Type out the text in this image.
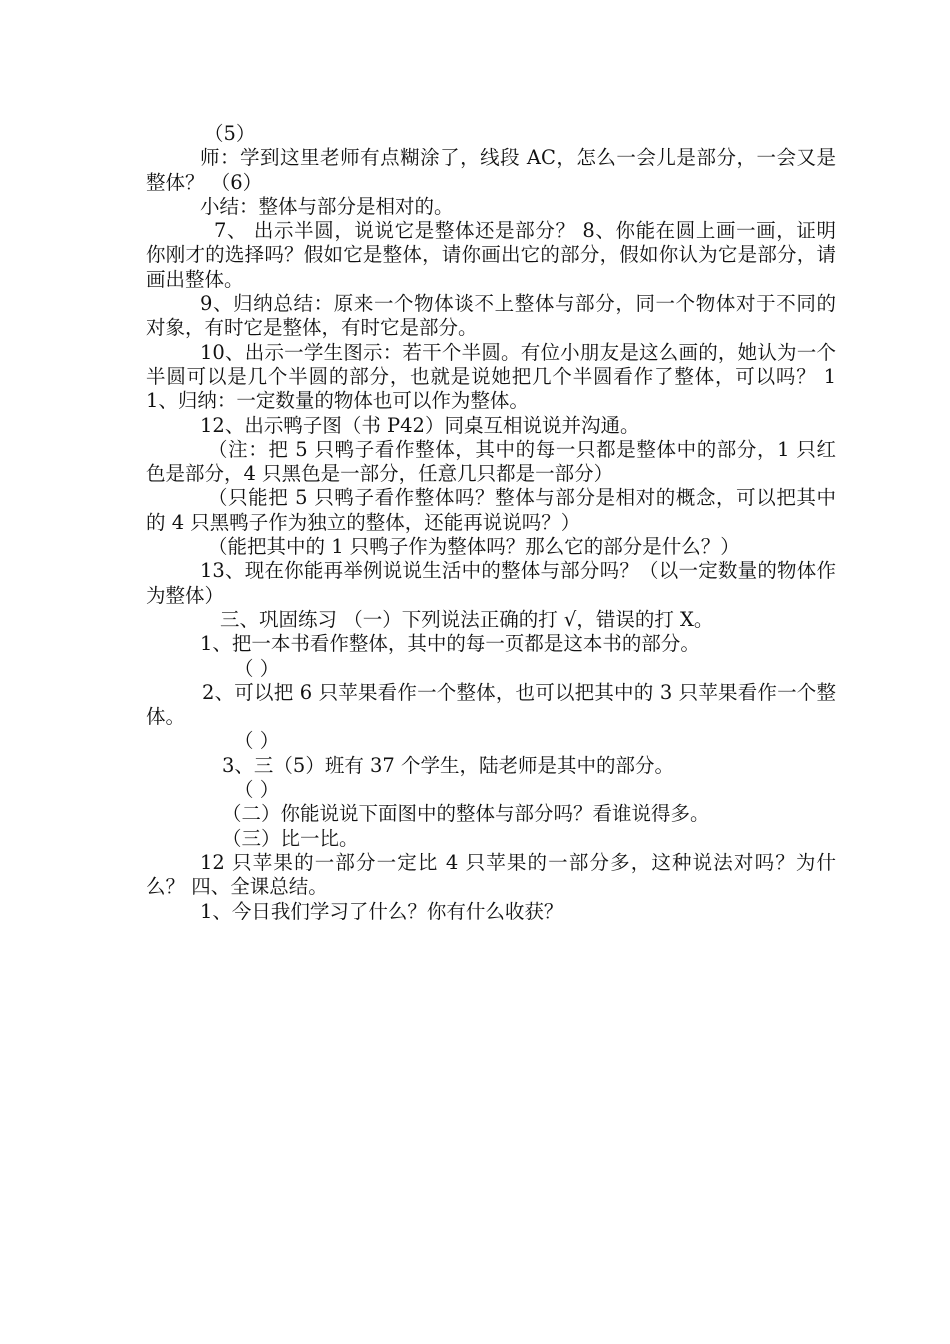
（5）

师：学到这里老师有点糊涂了，线段 AC，怎么一会儿是部分，一会又是整体？ （6）

小结：整体与部分是相对的。

7、 出示半圆，说说它是整体还是部分？ 8、你能在圆上画一画，证明你刚才的选择吗？假如它是整体，请你画出它的部分，假如你认为它是部分，请画出整体。

9、归纳总结：原来一个物体谈不上整体与部分，同一个物体对于不同的对象，有时它是整体，有时它是部分。

10、出示一学生图示：若干个半圆。有位小朋友是这么画的，她认为一个半圆可以是几个半圆的部分，也就是说她把几个半圆看作了整体，可以吗？ 11、归纳：一定数量的物体也可以作为整体。

12、出示鸭子图（书 P42）同桌互相说说并沟通。

（注：把 5 只鸭子看作整体，其中的每一只都是整体中的部分，1 只红色是部分，4 只黑色是一部分，任意几只都是一部分）

（只能把 5 只鸭子看作整体吗？整体与部分是相对的概念，可以把其中的 4 只黑鸭子作为独立的整体，还能再说说吗？）

（能把其中的 1 只鸭子作为整体吗？那么它的部分是什么？）

13、现在你能再举例说说生活中的整体与部分吗？（以一定数量的物体作为整体）

三、巩固练习 （一）下列说法正确的打 √，错误的打 X。

1、把一本书看作整体，其中的每一页都是这本书的部分。

（ ）

2、可以把 6 只苹果看作一个整体，也可以把其中的 3 只苹果看作一个整体。

（ ）

3、三（5）班有 37 个学生，陆老师是其中的部分。

（ ）

（二）你能说说下面图中的整体与部分吗？看谁说得多。

（三）比一比。

12 只苹果的一部分一定比 4 只苹果的一部分多，这种说法对吗？为什么？ 四、全课总结。

1、今日我们学习了什么？你有什么收获？
